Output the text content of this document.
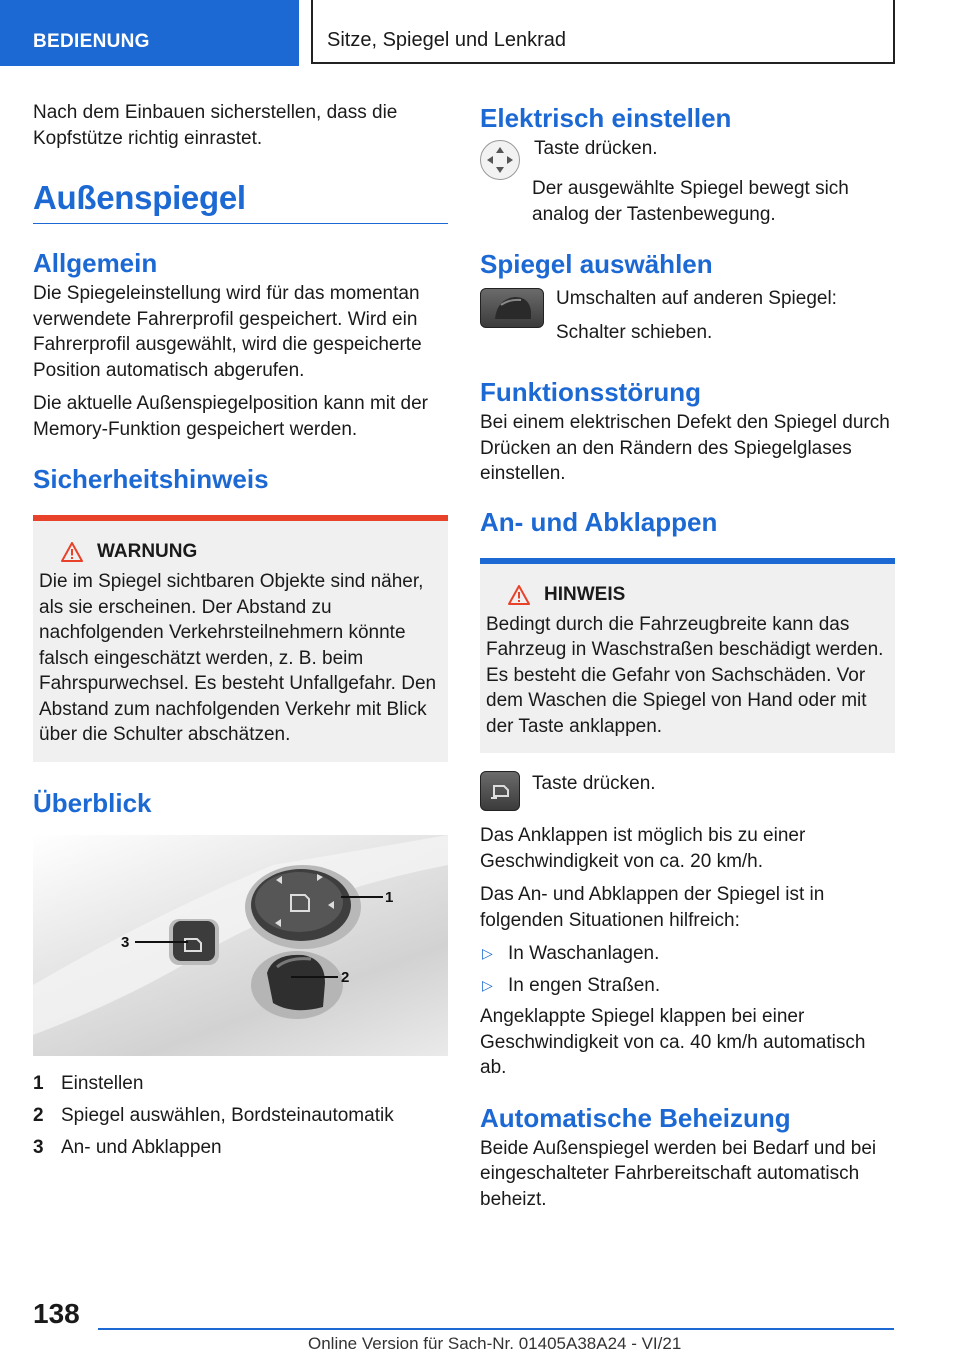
BEDIENUNG	Sitze, Spiegel und Lenkrad

Nach dem Einbauen sicherstellen, dass die Kopfstütze richtig einrastet.

Außenspiegel
Allgemein

Die Spiegeleinstellung wird für das momentan verwendete Fahrerprofil gespeichert. Wird ein Fahrerprofil ausgewählt, wird die gespeicherte Position automatisch abgerufen.

Die aktuelle Außenspiegelposition kann mit der Memory-Funktion gespeichert werden.

Sicherheitshinweis
WARNUNG

Die im Spiegel sichtbaren Objekte sind näher, als sie erscheinen. Der Abstand zu nachfolgenden Verkehrsteilnehmern könnte falsch eingeschätzt werden, z. B. beim Fahrspurwechsel. Es besteht Unfallgefahr. Den Abstand zum nachfolgenden Verkehr mit Blick über die Schulter abschätzen.

Überblick
1
2
3
1 Einstellen
2 Spiegel auswählen, Bordsteinautomatik
3 An- und Abklappen
Elektrisch einstellen

Taste drücken.

Der ausgewählte Spiegel bewegt sich analog der Tastenbewegung.

Spiegel auswählen

Umschalten auf anderen Spiegel:

Schalter schieben.

Funktionsstörung

Bei einem elektrischen Defekt den Spiegel durch Drücken an den Rändern des Spiegelglases einstellen.

An- und Abklappen
HINWEIS

Bedingt durch die Fahrzeugbreite kann das Fahrzeug in Waschstraßen beschädigt werden. Es besteht die Gefahr von Sachschäden. Vor dem Waschen die Spiegel von Hand oder mit der Taste anklappen.

Taste drücken.

Das Anklappen ist möglich bis zu einer Geschwindigkeit von ca. 20 km/h.

Das An- und Abklappen der Spiegel ist in folgenden Situationen hilfreich:

▷ In Waschanlagen.
▷ In engen Straßen.

Angeklappte Spiegel klappen bei einer Geschwindigkeit von ca. 40 km/h automatisch ab.

Automatische Beheizung

Beide Außenspiegel werden bei Bedarf und bei eingeschalteter Fahrbereitschaft automatisch beheizt.

138
Online Version für Sach-Nr. 01405A38A24 - VI/21
